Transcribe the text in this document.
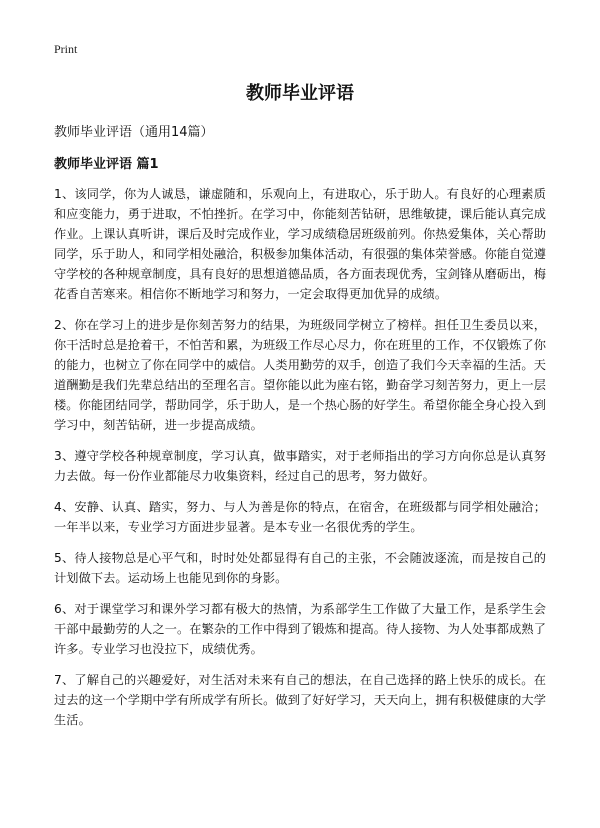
Print

教师毕业评语

教师毕业评语（通用14篇）

教师毕业评语 篇1

1、该同学，你为人诚恳，谦虚随和，乐观向上，有进取心，乐于助人。有良好的心理素质和应变能力，勇于进取，不怕挫折。在学习中，你能刻苦钻研，思维敏捷，课后能认真完成作业。上课认真听讲，课后及时完成作业，学习成绩稳居班级前列。你热爱集体，关心帮助同学，乐于助人，和同学相处融洽，积极参加集体活动，有很强的集体荣誉感。你能自觉遵守学校的各种规章制度，具有良好的思想道德品质，各方面表现优秀，宝剑锋从磨砺出，梅花香自苦寒来。相信你不断地学习和努力，一定会取得更加优异的成绩。

2、你在学习上的进步是你刻苦努力的结果，为班级同学树立了榜样。担任卫生委员以来，你干活时总是抢着干，不怕苦和累，为班级工作尽心尽力，你在班里的工作，不仅锻炼了你的能力，也树立了你在同学中的威信。人类用勤劳的双手，创造了我们今天幸福的生活。天道酬勤是我们先辈总结出的至理名言。望你能以此为座右铭，勤奋学习刻苦努力，更上一层楼。你能团结同学，帮助同学，乐于助人，是一个热心肠的好学生。希望你能全身心投入到学习中，刻苦钻研，进一步提高成绩。

3、遵守学校各种规章制度，学习认真，做事踏实，对于老师指出的学习方向你总是认真努力去做。每一份作业都能尽力收集资料，经过自己的思考，努力做好。

4、安静、认真、踏实，努力、与人为善是你的特点，在宿舍，在班级都与同学相处融洽；一年半以来，专业学习方面进步显著。是本专业一名很优秀的学生。

5、待人接物总是心平气和，时时处处都显得有自己的主张，不会随波逐流，而是按自己的计划做下去。运动场上也能见到你的身影。

6、对于课堂学习和课外学习都有极大的热情，为系部学生工作做了大量工作，是系学生会干部中最勤劳的人之一。在繁杂的工作中得到了锻炼和提高。待人接物、为人处事都成熟了许多。专业学习也没拉下，成绩优秀。

7、了解自己的兴趣爱好，对生活对未来有自己的想法，在自己选择的路上快乐的成长。在过去的这一个学期中学有所成学有所长。做到了好好学习，天天向上，拥有积极健康的大学生活。
